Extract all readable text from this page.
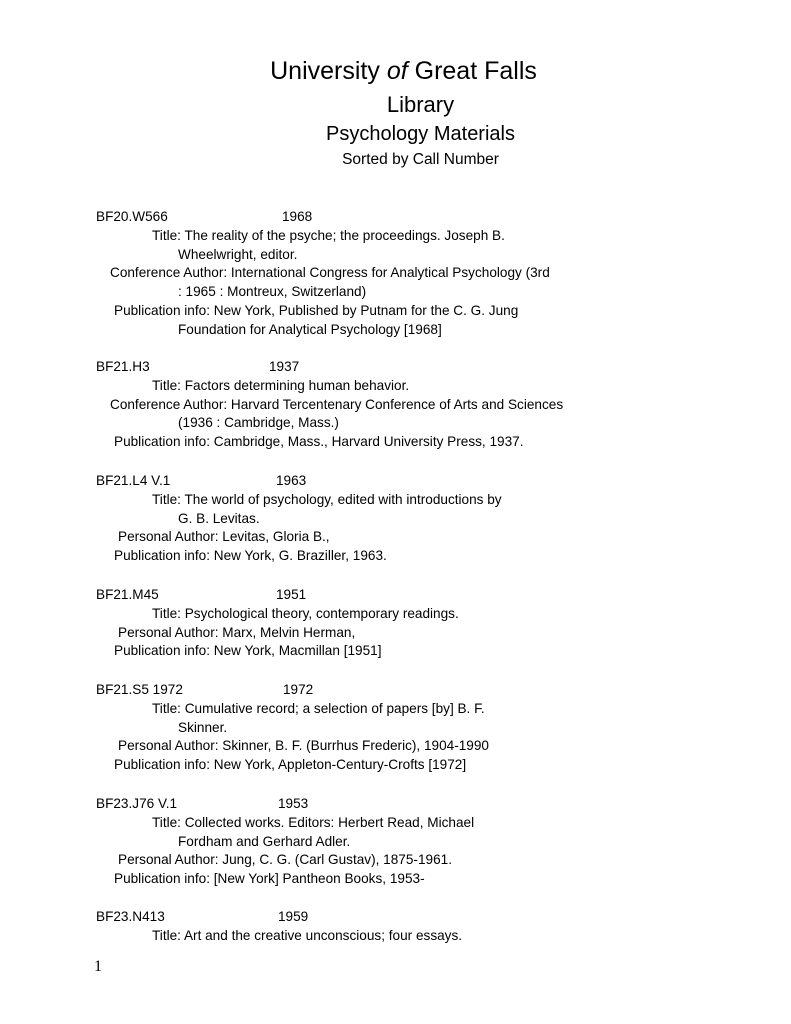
University of Great Falls
Library
Psychology Materials
Sorted by Call Number
BF20.W566	1968
Title: The reality of the psyche; the proceedings. Joseph B.
Wheelwright, editor.
Conference Author: International Congress for Analytical Psychology (3rd
: 1965 : Montreux, Switzerland)
Publication info: New York, Published by Putnam for the C. G. Jung
Foundation for Analytical Psychology [1968]
BF21.H3	1937
Title: Factors determining human behavior.
Conference Author: Harvard Tercentenary Conference of Arts and Sciences
(1936 : Cambridge, Mass.)
Publication info: Cambridge, Mass., Harvard University Press, 1937.
BF21.L4 V.1	1963
Title: The world of psychology, edited with introductions by
G. B. Levitas.
Personal Author: Levitas, Gloria B.,
Publication info: New York, G. Braziller, 1963.
BF21.M45	1951
Title: Psychological theory, contemporary readings.
Personal Author: Marx, Melvin Herman,
Publication info: New York, Macmillan [1951]
BF21.S5 1972	1972
Title: Cumulative record; a selection of papers [by] B. F.
Skinner.
Personal Author: Skinner, B. F. (Burrhus Frederic), 1904-1990
Publication info: New York, Appleton-Century-Crofts [1972]
BF23.J76 V.1	1953
Title: Collected works. Editors: Herbert Read, Michael
Fordham and Gerhard Adler.
Personal Author: Jung, C. G. (Carl Gustav), 1875-1961.
Publication info: [New York] Pantheon Books, 1953-
BF23.N413	1959
Title: Art and the creative unconscious; four essays.
1
